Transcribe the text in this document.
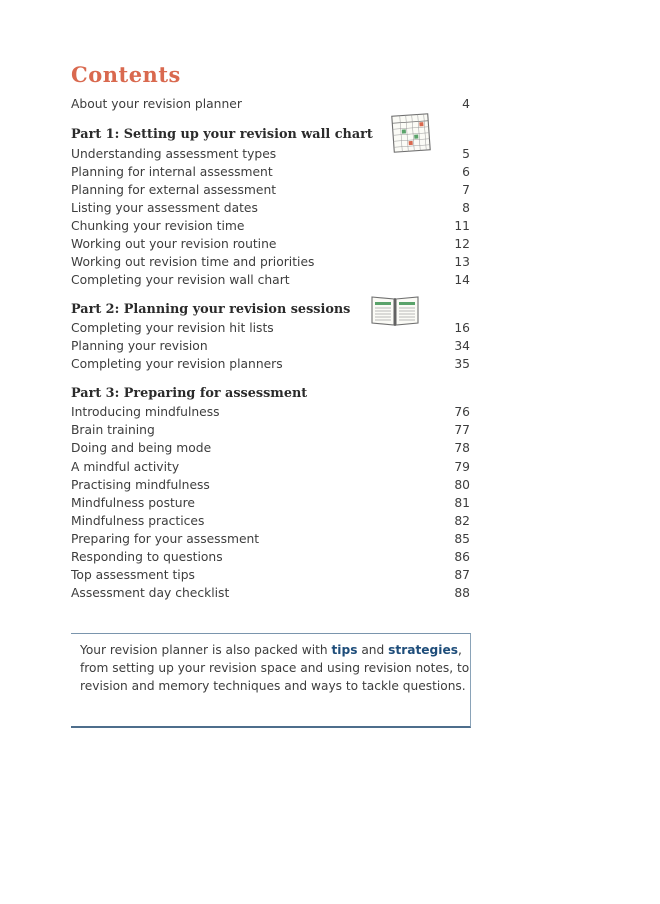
Contents
About your revision planner	4
Part 1: Setting up your revision wall chart
Understanding assessment types	5
Planning for internal assessment	6
Planning for external assessment	7
Listing your assessment dates	8
Chunking your revision time	11
Working out your revision routine	12
Working out revision time and priorities	13
Completing your revision wall chart	14
Part 2: Planning your revision sessions
Completing your revision hit lists	16
Planning your revision	34
Completing your revision planners	35
Part 3: Preparing for assessment
Introducing mindfulness	76
Brain training	77
Doing and being mode	78
A mindful activity	79
Practising mindfulness	80
Mindfulness posture	81
Mindfulness practices	82
Preparing for your assessment	85
Responding to questions	86
Top assessment tips	87
Assessment day checklist	88

Your revision planner is also packed with tips and strategies, from setting up your revision space and using revision notes, to revision and memory techniques and ways to tackle questions.
